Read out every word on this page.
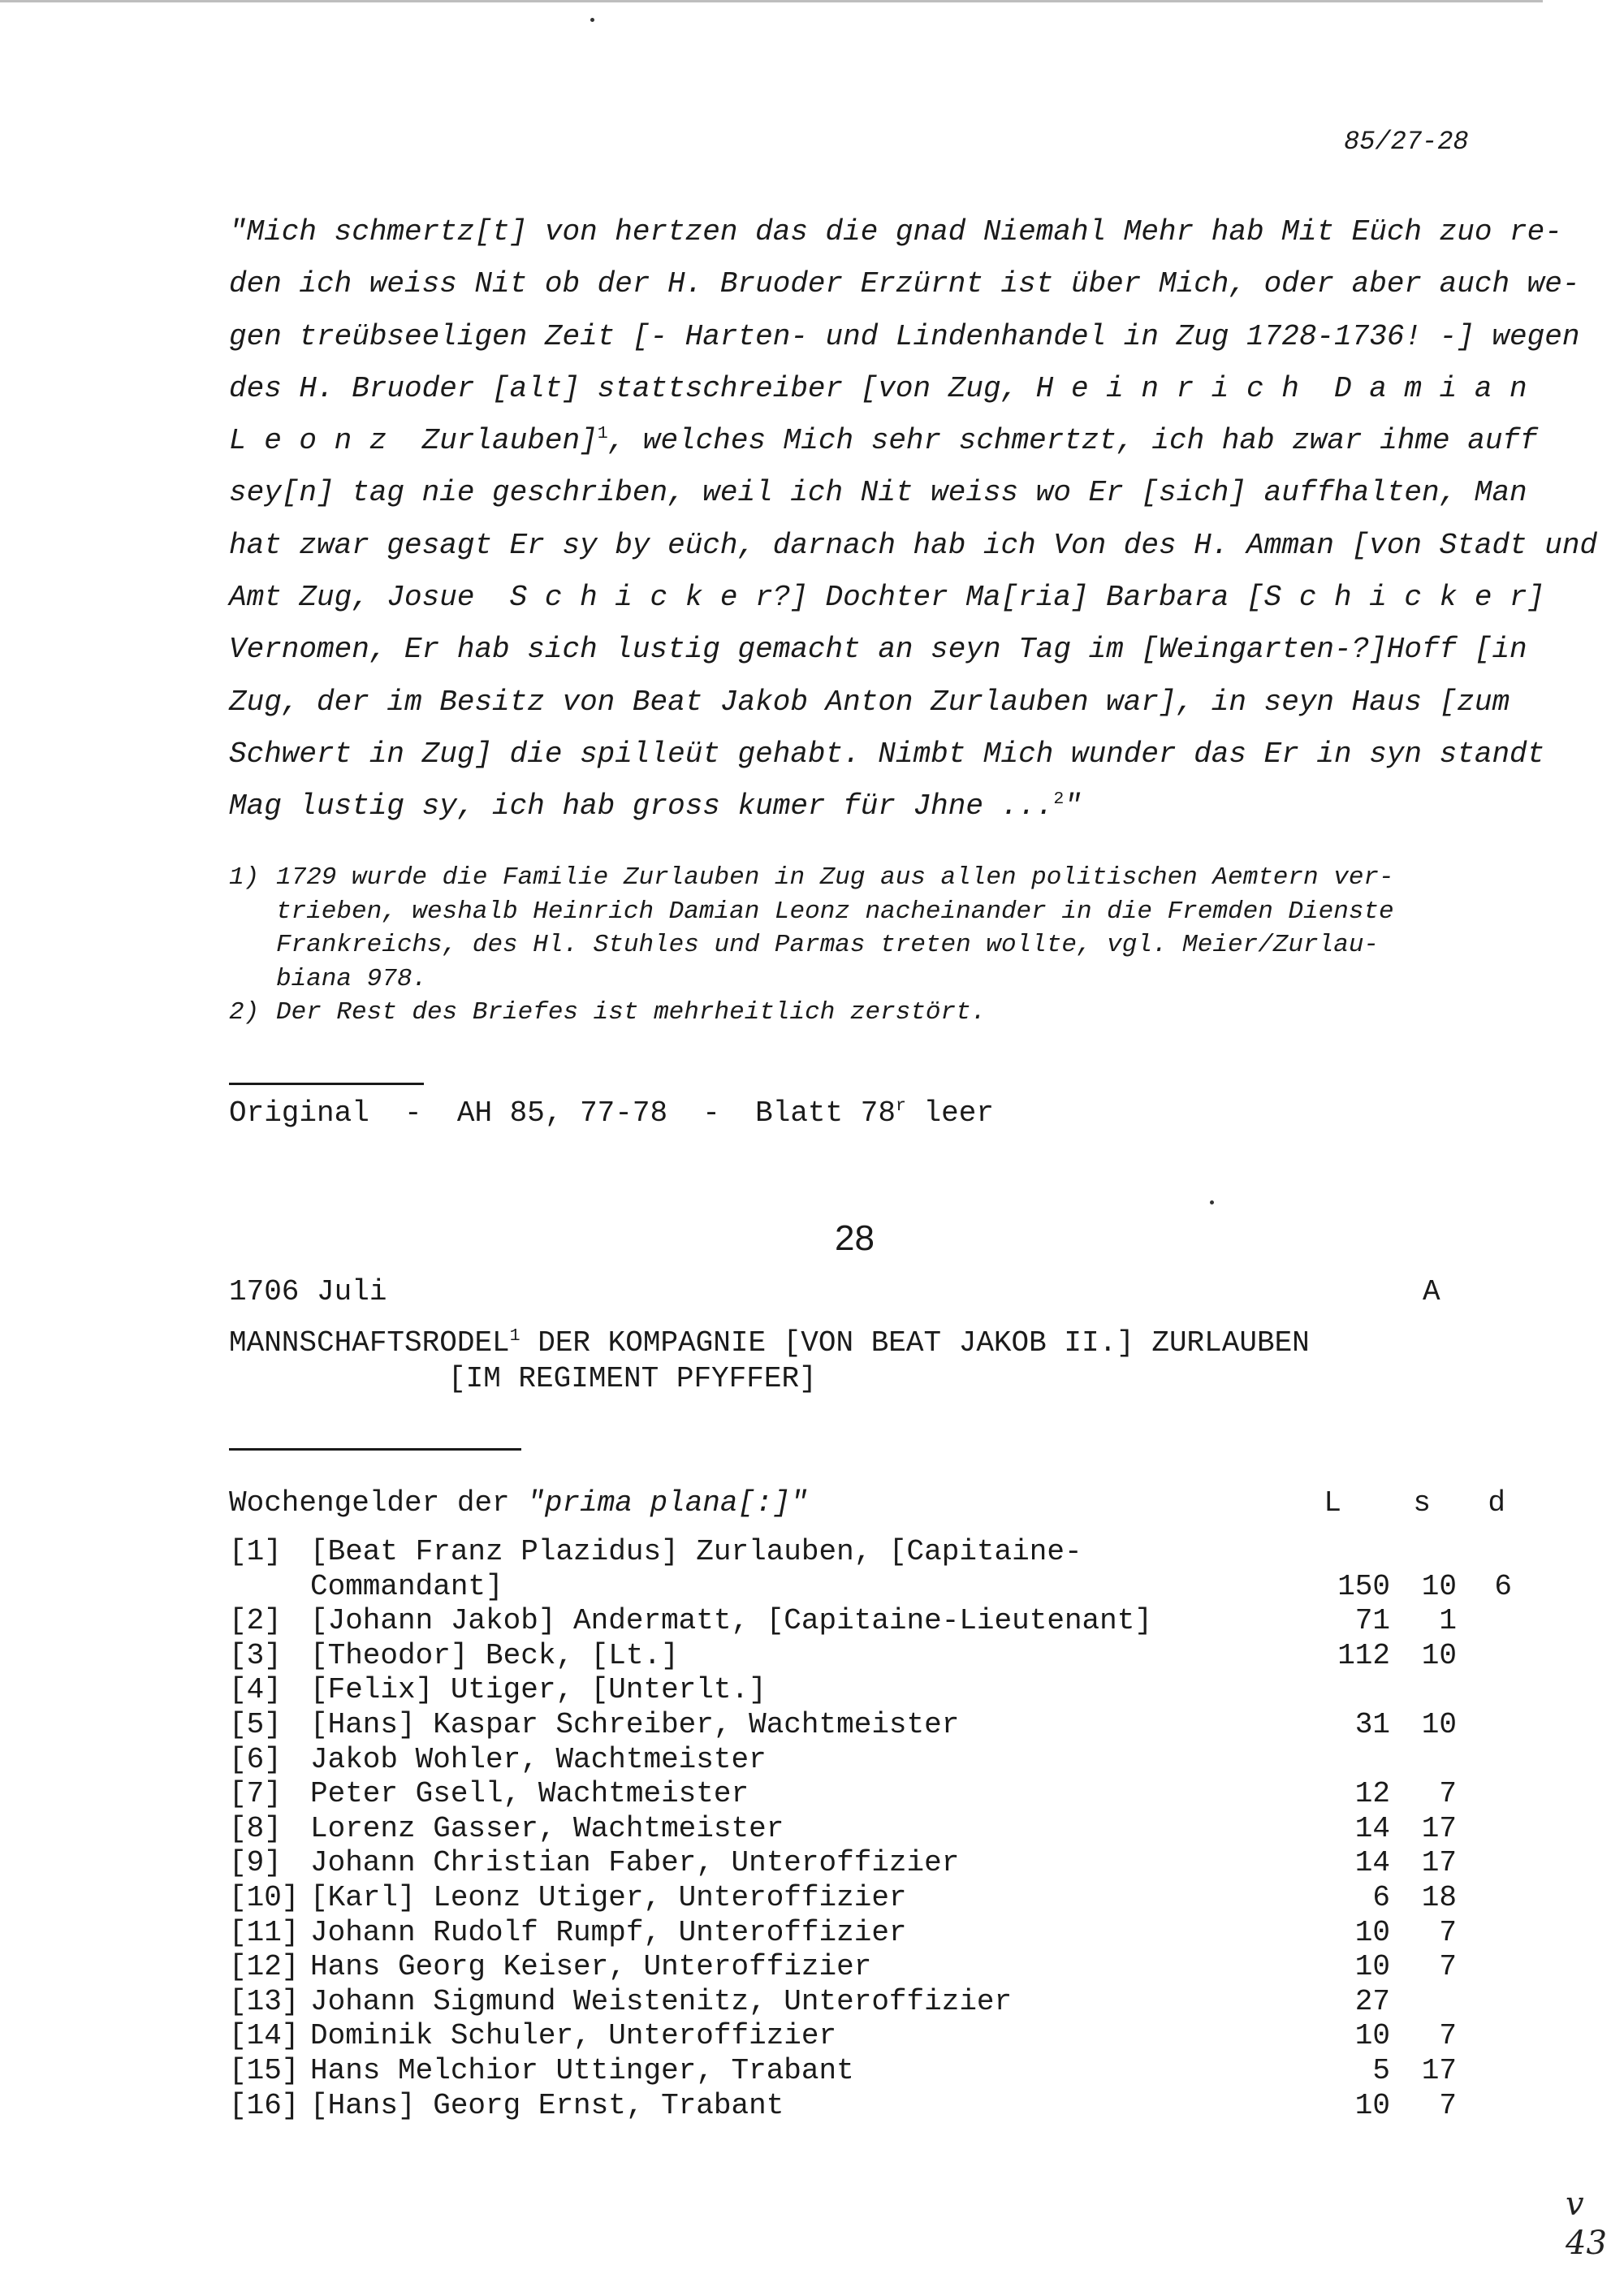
85/27-28
"Mich schmertz[t] von hertzen das die gnad Niemahl Mehr hab Mit Eüch zuo re-
den ich weiss Nit ob der H. Bruoder Erzürnt ist über Mich, oder aber auch we-
gen treübseeligen Zeit [- Harten- und Lindenhandel in Zug 1728-1736! -] wegen
des H. Bruoder [alt] stattschreiber [von Zug, H e i n r i c h  D a m i a n
L e o n z  Zurlauben]$^1$, welches Mich sehr schmertzt, ich hab zwar ihme auff
sey[n] tag nie geschriben, weil ich Nit weiss wo Er [sich] auffhalten, Man
hat zwar gesagt Er sy by eüch, darnach hab ich Von des H. Amman [von Stadt und
Amt Zug, Josue  S c h i c k e r?] Dochter Ma[ria] Barbara [S c h i c k e r]
Vernomen, Er hab sich lustig gemacht an seyn Tag im [Weingarten-?]Hoff [in
Zug, der im Besitz von Beat Jakob Anton Zurlauben war], in seyn Haus [zum
Schwert in Zug] die spilleüt gehabt. Nimbt Mich wunder das Er in syn standt
Mag lustig sy, ich hab gross kumer für Jhne ...$^2$"
1) 1729 wurde die Familie Zurlauben in Zug aus allen politischen Aemtern ver-
trieben, weshalb Heinrich Damian Leonz nacheinander in die Fremden Dienste
Frankreichs, des Hl. Stuhles und Parmas treten wollte, vgl. Meier/Zurlau-
biana 978.
2) Der Rest des Briefes ist mehrheitlich zerstört.
Original  -  AH 85, 77-78  -  Blatt 78$^r$ leer
28
1706 Juli	A
MANNSCHAFTSRODEL$^1$ DER KOMPAGNIE [VON BEAT JAKOB II.] ZURLAUBEN
[IM REGIMENT PFYFFER]
Wochengelder der "prima plana[:]"	L	s	d
[1] [Beat Franz Plazidus] Zurlauben, [Capitaine-
Commandant]	150	10	6
[2] [Johann Jakob] Andermatt, [Capitaine-Lieutenant]	71	1
[3] [Theodor] Beck, [Lt.]	112	10
[4] [Felix] Utiger, [Unterlt.]
[5] [Hans] Kaspar Schreiber, Wachtmeister	31	10
[6] Jakob Wohler, Wachtmeister
[7] Peter Gsell, Wachtmeister	12	7
[8] Lorenz Gasser, Wachtmeister	14	17
[9] Johann Christian Faber, Unteroffizier	14	17
[10] [Karl] Leonz Utiger, Unteroffizier	6	18
[11] Johann Rudolf Rumpf, Unteroffizier	10	7
[12] Hans Georg Keiser, Unteroffizier	10	7
[13] Johann Sigmund Weistenitz, Unteroffizier	27
[14] Dominik Schuler, Unteroffizier	10	7
[15] Hans Melchior Uttinger, Trabant	5	17
[16] [Hans] Georg Ernst, Trabant	10	7
v
43
